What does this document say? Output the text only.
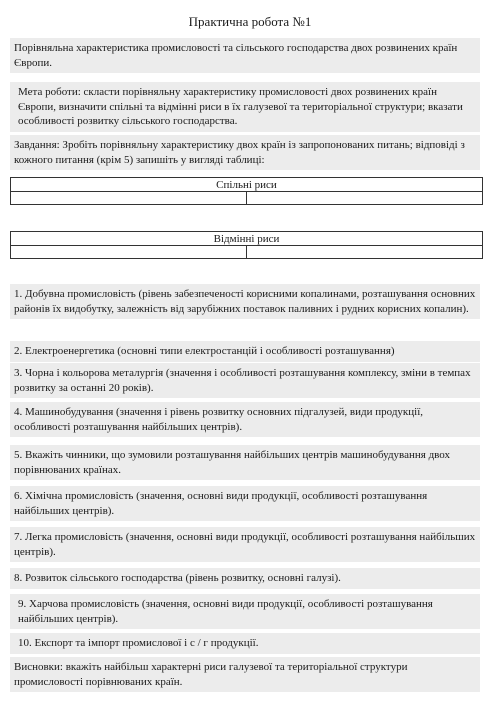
Практична робота №1
Порівняльна характеристика промисловості та сільського господарства двох розвинених країн Європи.
Мета роботи: скласти порівняльну характеристику промисловості двох розвинених країн Європи, визначити спільні та відмінні риси в їх галузевої та територіальної структури; вказати особливості розвитку сільського господарства.
Завдання: Зробіть порівняльну характеристику двох країн із запропонованих питань; відповіді з кожного питання (крім 5) запишіть у вигляді таблиці:
Спільні риси

Відмінні риси

1. Добувна промисловість (рівень забезпеченості корисними копалинами, розташування основних районів їх видобутку, залежність від зарубіжних поставок паливних і рудних корисних копалин).
2. Електроенергетика (основні типи електростанцій і особливості розташування)
3. Чорна і кольорова металургія (значення і особливості розташування комплексу, зміни в темпах розвитку за останні 20 років).
4. Машинобудування (значення і рівень розвитку основних підгалузей, види продукції, особливості розташування найбільших центрів).
5. Вкажіть чинники, що зумовили розташування найбільших центрів машинобудування двох порівнюваних країнах.
6. Хімічна промисловість (значення, основні види продукції, особливості розташування найбільших центрів).
7. Легка промисловість (значення, основні види продукції, особливості розташування найбільших центрів).
8. Розвиток сільського господарства (рівень розвитку, основні галузі).
9. Харчова промисловість (значення, основні види продукції, особливості розташування найбільших центрів).
10. Експорт та імпорт промислової і с / г продукції.
Висновки: вкажіть найбільш характерні риси галузевої та територіальної структури промисловості порівнюваних країн.
